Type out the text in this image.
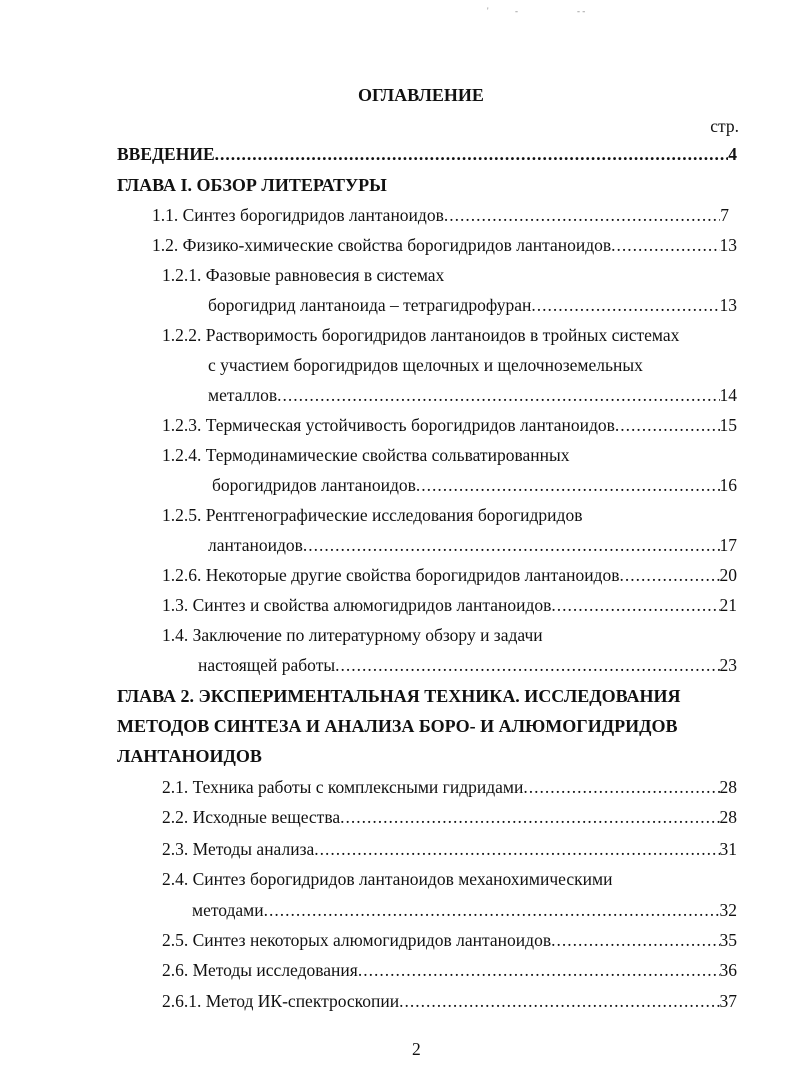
'	-	- -
ОГЛАВЛЕНИЕ
стр.
ВВЕДЕНИЕ .....	4
ГЛАВА I. ОБЗОР ЛИТЕРАТУРЫ
1.1. Синтез борогидридов лантаноидов .....	7
1.2. Физико-химические свойства борогидридов лантаноидов .....	13
1.2.1. Фазовые равновесия в системах
борогидрид лантаноида – тетрагидрофуран .....	13
1.2.2. Растворимость борогидридов лантаноидов в тройных системах
с участием борогидридов щелочных и щелочноземельных
металлов .....	14
1.2.3. Термическая устойчивость борогидридов лантаноидов .....	15
1.2.4. Термодинамические свойства сольватированных
борогидридов лантаноидов .....	16
1.2.5. Рентгенографические исследования борогидридов
лантаноидов .....	17
1.2.6. Некоторые другие свойства борогидридов лантаноидов .....	20
1.3. Синтез и свойства алюмогидридов лантаноидов .....	21
1.4. Заключение по литературному обзору и задачи
настоящей работы .....	23
ГЛАВА 2. ЭКСПЕРИМЕНТАЛЬНАЯ ТЕХНИКА. ИССЛЕДОВАНИЯ
МЕТОДОВ СИНТЕЗА И АНАЛИЗА БОРО- И АЛЮМОГИДРИДОВ
ЛАНТАНОИДОВ
2.1. Техника работы с комплексными гидридами .....	28
2.2. Исходные вещества .....	28
2.3. Методы анализа .....	31
2.4. Синтез борогидридов лантаноидов механохимическими
методами .....	32
2.5. Синтез некоторых алюмогидридов лантаноидов .....	35
2.6. Методы исследования .....	36
2.6.1. Метод ИК-спектроскопии .....	37
2
